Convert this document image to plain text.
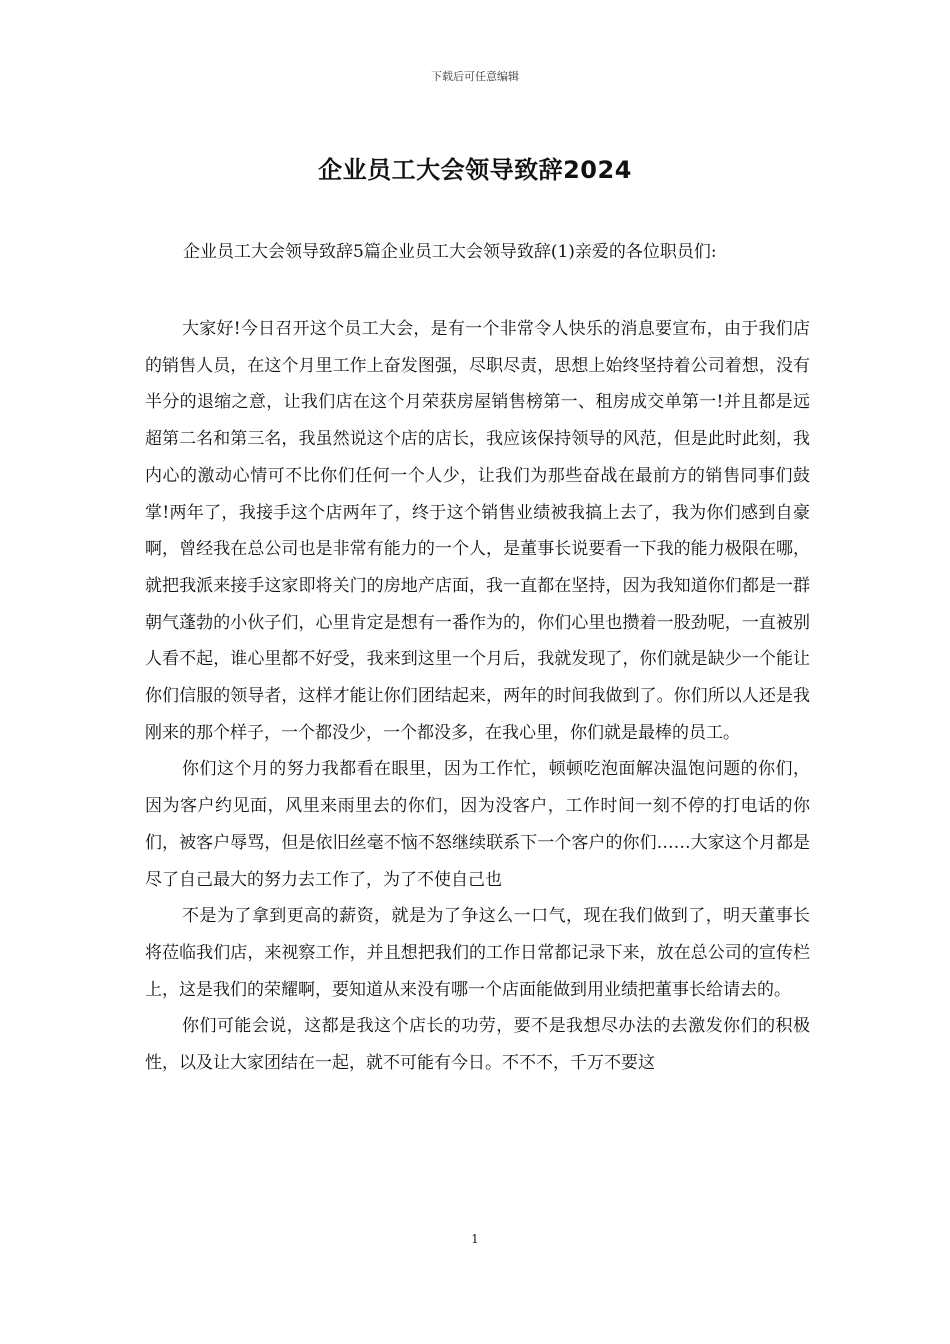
下载后可任意编辑
企业员工大会领导致辞2024

企业员工大会领导致辞5篇企业员工大会领导致辞(1)亲爱的各位职员们:

大家好!今日召开这个员工大会，是有一个非常令人快乐的消息要宣布，由于我们店的销售人员，在这个月里工作上奋发图强，尽职尽责，思想上始终坚持着公司着想，没有半分的退缩之意，让我们店在这个月荣获房屋销售榜第一、租房成交单第一!并且都是远超第二名和第三名，我虽然说这个店的店长，我应该保持领导的风范，但是此时此刻，我内心的激动心情可不比你们任何一个人少，让我们为那些奋战在最前方的销售同事们鼓掌!两年了，我接手这个店两年了，终于这个销售业绩被我搞上去了，我为你们感到自豪啊，曾经我在总公司也是非常有能力的一个人，是董事长说要看一下我的能力极限在哪，就把我派来接手这家即将关门的房地产店面，我一直都在坚持，因为我知道你们都是一群朝气蓬勃的小伙子们，心里肯定是想有一番作为的，你们心里也攒着一股劲呢，一直被别人看不起，谁心里都不好受，我来到这里一个月后，我就发现了，你们就是缺少一个能让你们信服的领导者，这样才能让你们团结起来，两年的时间我做到了。你们所以人还是我刚来的那个样子，一个都没少，一个都没多，在我心里，你们就是最棒的员工。

你们这个月的努力我都看在眼里，因为工作忙，顿顿吃泡面解决温饱问题的你们，因为客户约见面，风里来雨里去的你们，因为没客户，工作时间一刻不停的打电话的你们，被客户辱骂，但是依旧丝毫不恼不怒继续联系下一个客户的你们……大家这个月都是尽了自己最大的努力去工作了，为了不使自己也

不是为了拿到更高的薪资，就是为了争这么一口气，现在我们做到了，明天董事长将莅临我们店，来视察工作，并且想把我们的工作日常都记录下来，放在总公司的宣传栏上，这是我们的荣耀啊，要知道从来没有哪一个店面能做到用业绩把董事长给请去的。

你们可能会说，这都是我这个店长的功劳，要不是我想尽办法的去激发你们的积极性，以及让大家团结在一起，就不可能有今日。不不不，千万不要这

1
